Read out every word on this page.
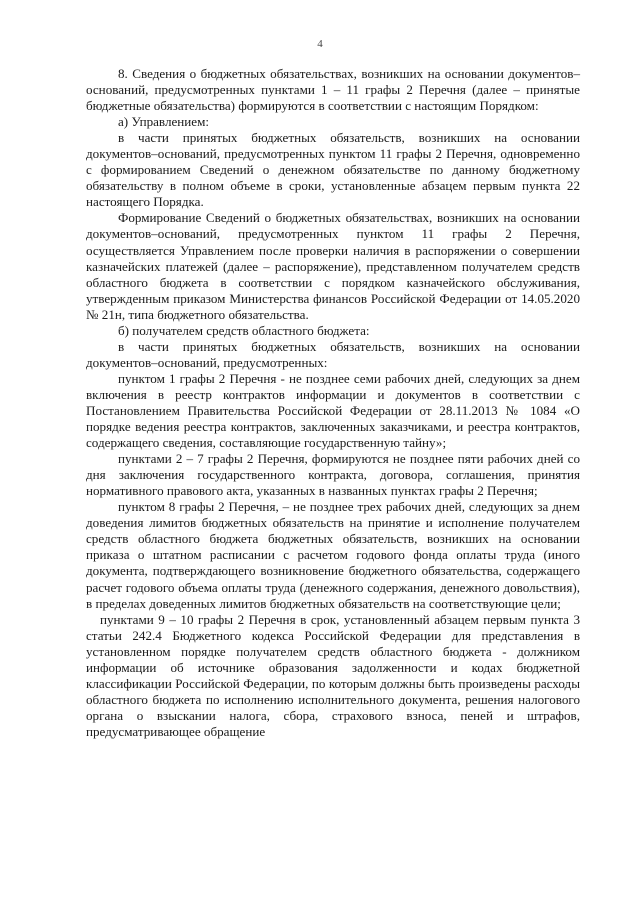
4

8. Сведения о бюджетных обязательствах, возникших на основании документов–оснований, предусмотренных пунктами 1 – 11 графы 2 Перечня (далее – принятые бюджетные обязательства) формируются в соответствии с настоящим Порядком:

а) Управлением:

в части принятых бюджетных обязательств, возникших на основании документов–оснований, предусмотренных пунктом 11 графы 2 Перечня, одновременно с формированием Сведений о денежном обязательстве по данному бюджетному обязательству в полном объеме в сроки, установленные абзацем первым пункта 22 настоящего Порядка.

Формирование Сведений о бюджетных обязательствах, возникших на основании документов–оснований, предусмотренных пунктом 11 графы 2 Перечня, осуществляется Управлением после проверки наличия в распоряжении о совершении казначейских платежей (далее – распоряжение), представленном получателем средств областного бюджета в соответствии с порядком казначейского обслуживания, утвержденным приказом Министерства финансов Российской Федерации от 14.05.2020 № 21н, типа бюджетного обязательства.

б) получателем средств областного бюджета:

в части принятых бюджетных обязательств, возникших на основании документов–оснований, предусмотренных:

пунктом 1 графы 2 Перечня - не позднее семи рабочих дней, следующих за днем включения в реестр контрактов информации и документов в соответствии с Постановлением Правительства Российской Федерации от 28.11.2013 № 1084 «О порядке ведения реестра контрактов, заключенных заказчиками, и реестра контрактов, содержащего сведения, составляющие государственную тайну»;

пунктами 2 – 7 графы 2 Перечня, формируются не позднее пяти рабочих дней со дня заключения государственного контракта, договора, соглашения, принятия нормативного правового акта, указанных в названных пунктах графы 2 Перечня;

пунктом 8 графы 2 Перечня, – не позднее трех рабочих дней, следующих за днем доведения лимитов бюджетных обязательств на принятие и исполнение получателем средств областного бюджета бюджетных обязательств, возникших на основании приказа о штатном расписании с расчетом годового фонда оплаты труда (иного документа, подтверждающего возникновение бюджетного обязательства, содержащего расчет годового объема оплаты труда (денежного содержания, денежного довольствия), в пределах доведенных лимитов бюджетных обязательств на соответствующие цели;

пунктами 9 – 10 графы 2 Перечня в срок, установленный абзацем первым пункта 3 статьи 242.4 Бюджетного кодекса Российской Федерации для представления в установленном порядке получателем средств областного бюджета - должником информации об источнике образования задолженности и кодах бюджетной классификации Российской Федерации, по которым должны быть произведены расходы областного бюджета по исполнению исполнительного документа, решения налогового органа о взыскании налога, сбора, страхового взноса, пеней и штрафов, предусматривающее обращение
